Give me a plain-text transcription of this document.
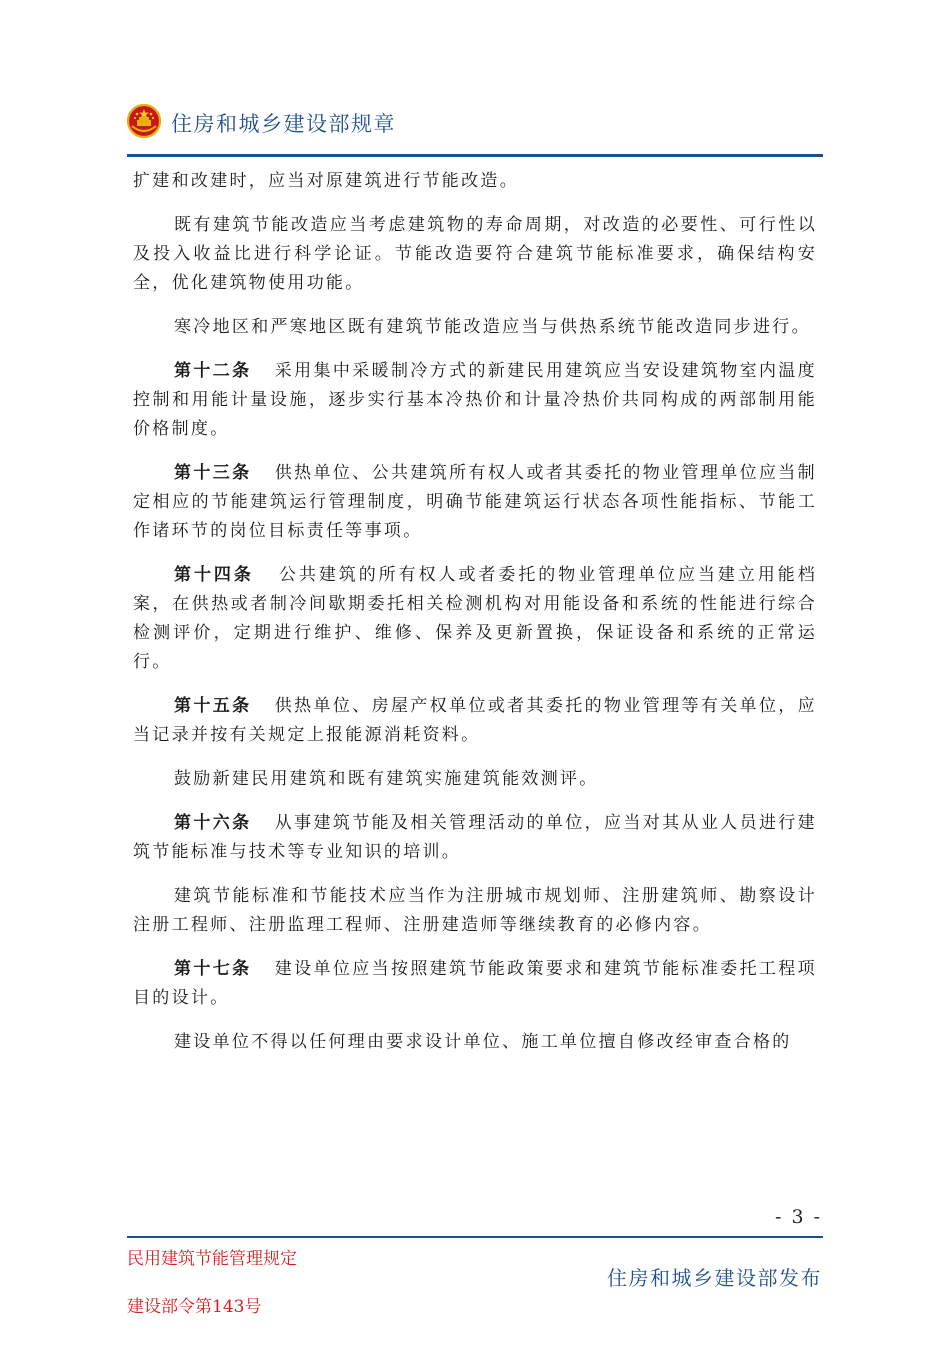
住房和城乡建设部规章

扩建和改建时，应当对原建筑进行节能改造。

既有建筑节能改造应当考虑建筑物的寿命周期，对改造的必要性、可行性以及投入收益比进行科学论证。节能改造要符合建筑节能标准要求，确保结构安全，优化建筑物使用功能。

寒冷地区和严寒地区既有建筑节能改造应当与供热系统节能改造同步进行。

第十二条 采用集中采暖制冷方式的新建民用建筑应当安设建筑物室内温度控制和用能计量设施，逐步实行基本冷热价和计量冷热价共同构成的两部制用能价格制度。

第十三条 供热单位、公共建筑所有权人或者其委托的物业管理单位应当制定相应的节能建筑运行管理制度，明确节能建筑运行状态各项性能指标、节能工作诸环节的岗位目标责任等事项。

第十四条 公共建筑的所有权人或者委托的物业管理单位应当建立用能档案，在供热或者制冷间歇期委托相关检测机构对用能设备和系统的性能进行综合检测评价，定期进行维护、维修、保养及更新置换，保证设备和系统的正常运行。

第十五条 供热单位、房屋产权单位或者其委托的物业管理等有关单位，应当记录并按有关规定上报能源消耗资料。

鼓励新建民用建筑和既有建筑实施建筑能效测评。

第十六条 从事建筑节能及相关管理活动的单位，应当对其从业人员进行建筑节能标准与技术等专业知识的培训。

建筑节能标准和节能技术应当作为注册城市规划师、注册建筑师、勘察设计注册工程师、注册监理工程师、注册建造师等继续教育的必修内容。

第十七条 建设单位应当按照建筑节能政策要求和建筑节能标准委托工程项目的设计。

建设单位不得以任何理由要求设计单位、施工单位擅自修改经审查合格的

- 3 -
民用建筑节能管理规定
建设部令第143号
住房和城乡建设部发布
